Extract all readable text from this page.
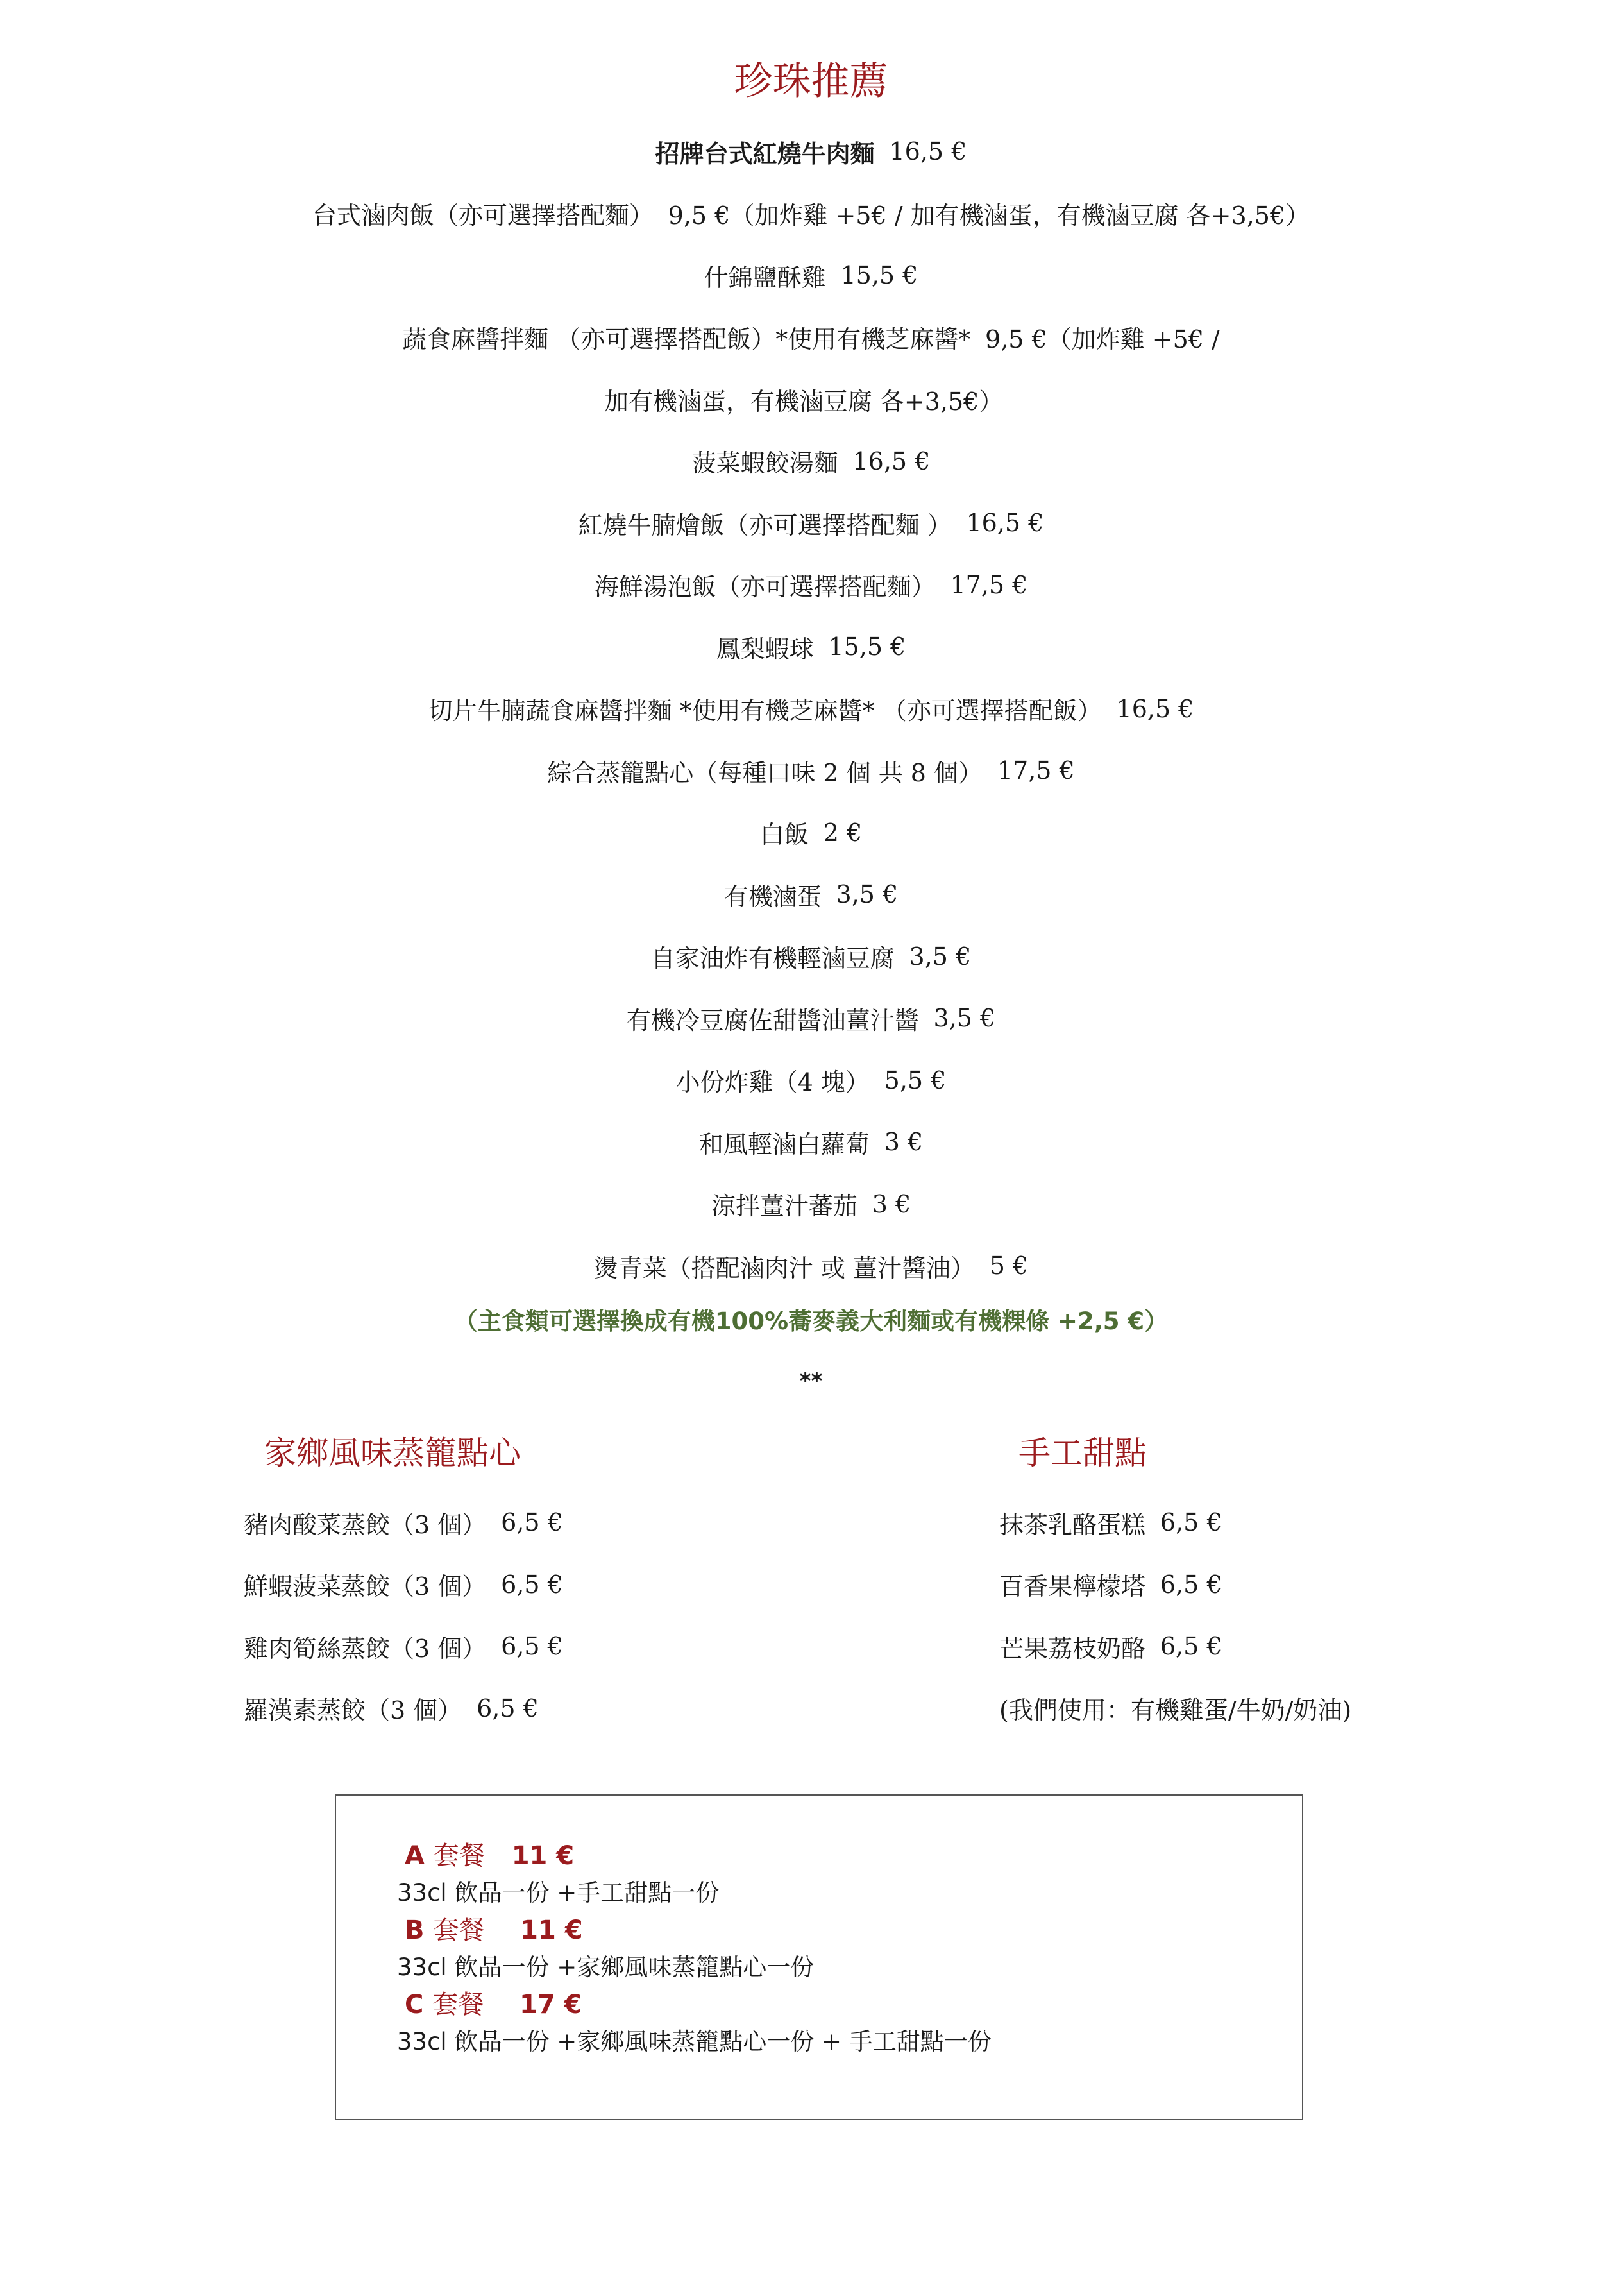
珍珠推薦
招牌台式紅燒牛肉麵 16,5 €
台式滷肉飯（亦可選擇搭配麵） 9,5 €（加炸雞 +5€ / 加有機滷蛋，有機滷豆腐 各+3,5€）
什錦鹽酥雞 15,5 €
蔬食麻醬拌麵 （亦可選擇搭配飯）*使用有機芝麻醬* 9,5 €（加炸雞 +5€ /
加有機滷蛋，有機滷豆腐 各+3,5€）
菠菜蝦餃湯麵 16,5 €
紅燒牛腩燴飯（亦可選擇搭配麵 ） 16,5 €
海鮮湯泡飯（亦可選擇搭配麵） 17,5 €
鳳梨蝦球 15,5 €
切片牛腩蔬食麻醬拌麵 *使用有機芝麻醬* （亦可選擇搭配飯） 16,5 €
綜合蒸籠點心（每種口味 2 個 共 8 個） 17,5 €
白飯 2 €
有機滷蛋 3,5 €
自家油炸有機輕滷豆腐 3,5 €
有機冷豆腐佐甜醬油薑汁醬 3,5 €
小份炸雞（4 塊） 5,5 €
和風輕滷白蘿蔔 3 €
涼拌薑汁蕃茄 3 €
燙青菜（搭配滷肉汁 或 薑汁醬油） 5 €
（主食類可選擇換成有機100%蕎麥義大利麵或有機粿條 +2,5 €）
**
家鄉風味蒸籠點心	手工甜點
豬肉酸菜蒸餃（3 個） 6,5 €
鮮蝦菠菜蒸餃（3 個） 6,5 €
雞肉筍絲蒸餃（3 個） 6,5 €
羅漢素蒸餃（3 個） 6,5 €
抹茶乳酪蛋糕 6,5 €
百香果檸檬塔 6,5 €
芒果荔枝奶酪 6,5 €
(我們使用：有機雞蛋/牛奶/奶油)
A 套餐 11 €
33cl 飲品一份 +手工甜點一份
B 套餐 11 €
33cl 飲品一份 +家鄉風味蒸籠點心一份
C 套餐 17 €
33cl 飲品一份 +家鄉風味蒸籠點心一份 + 手工甜點一份
